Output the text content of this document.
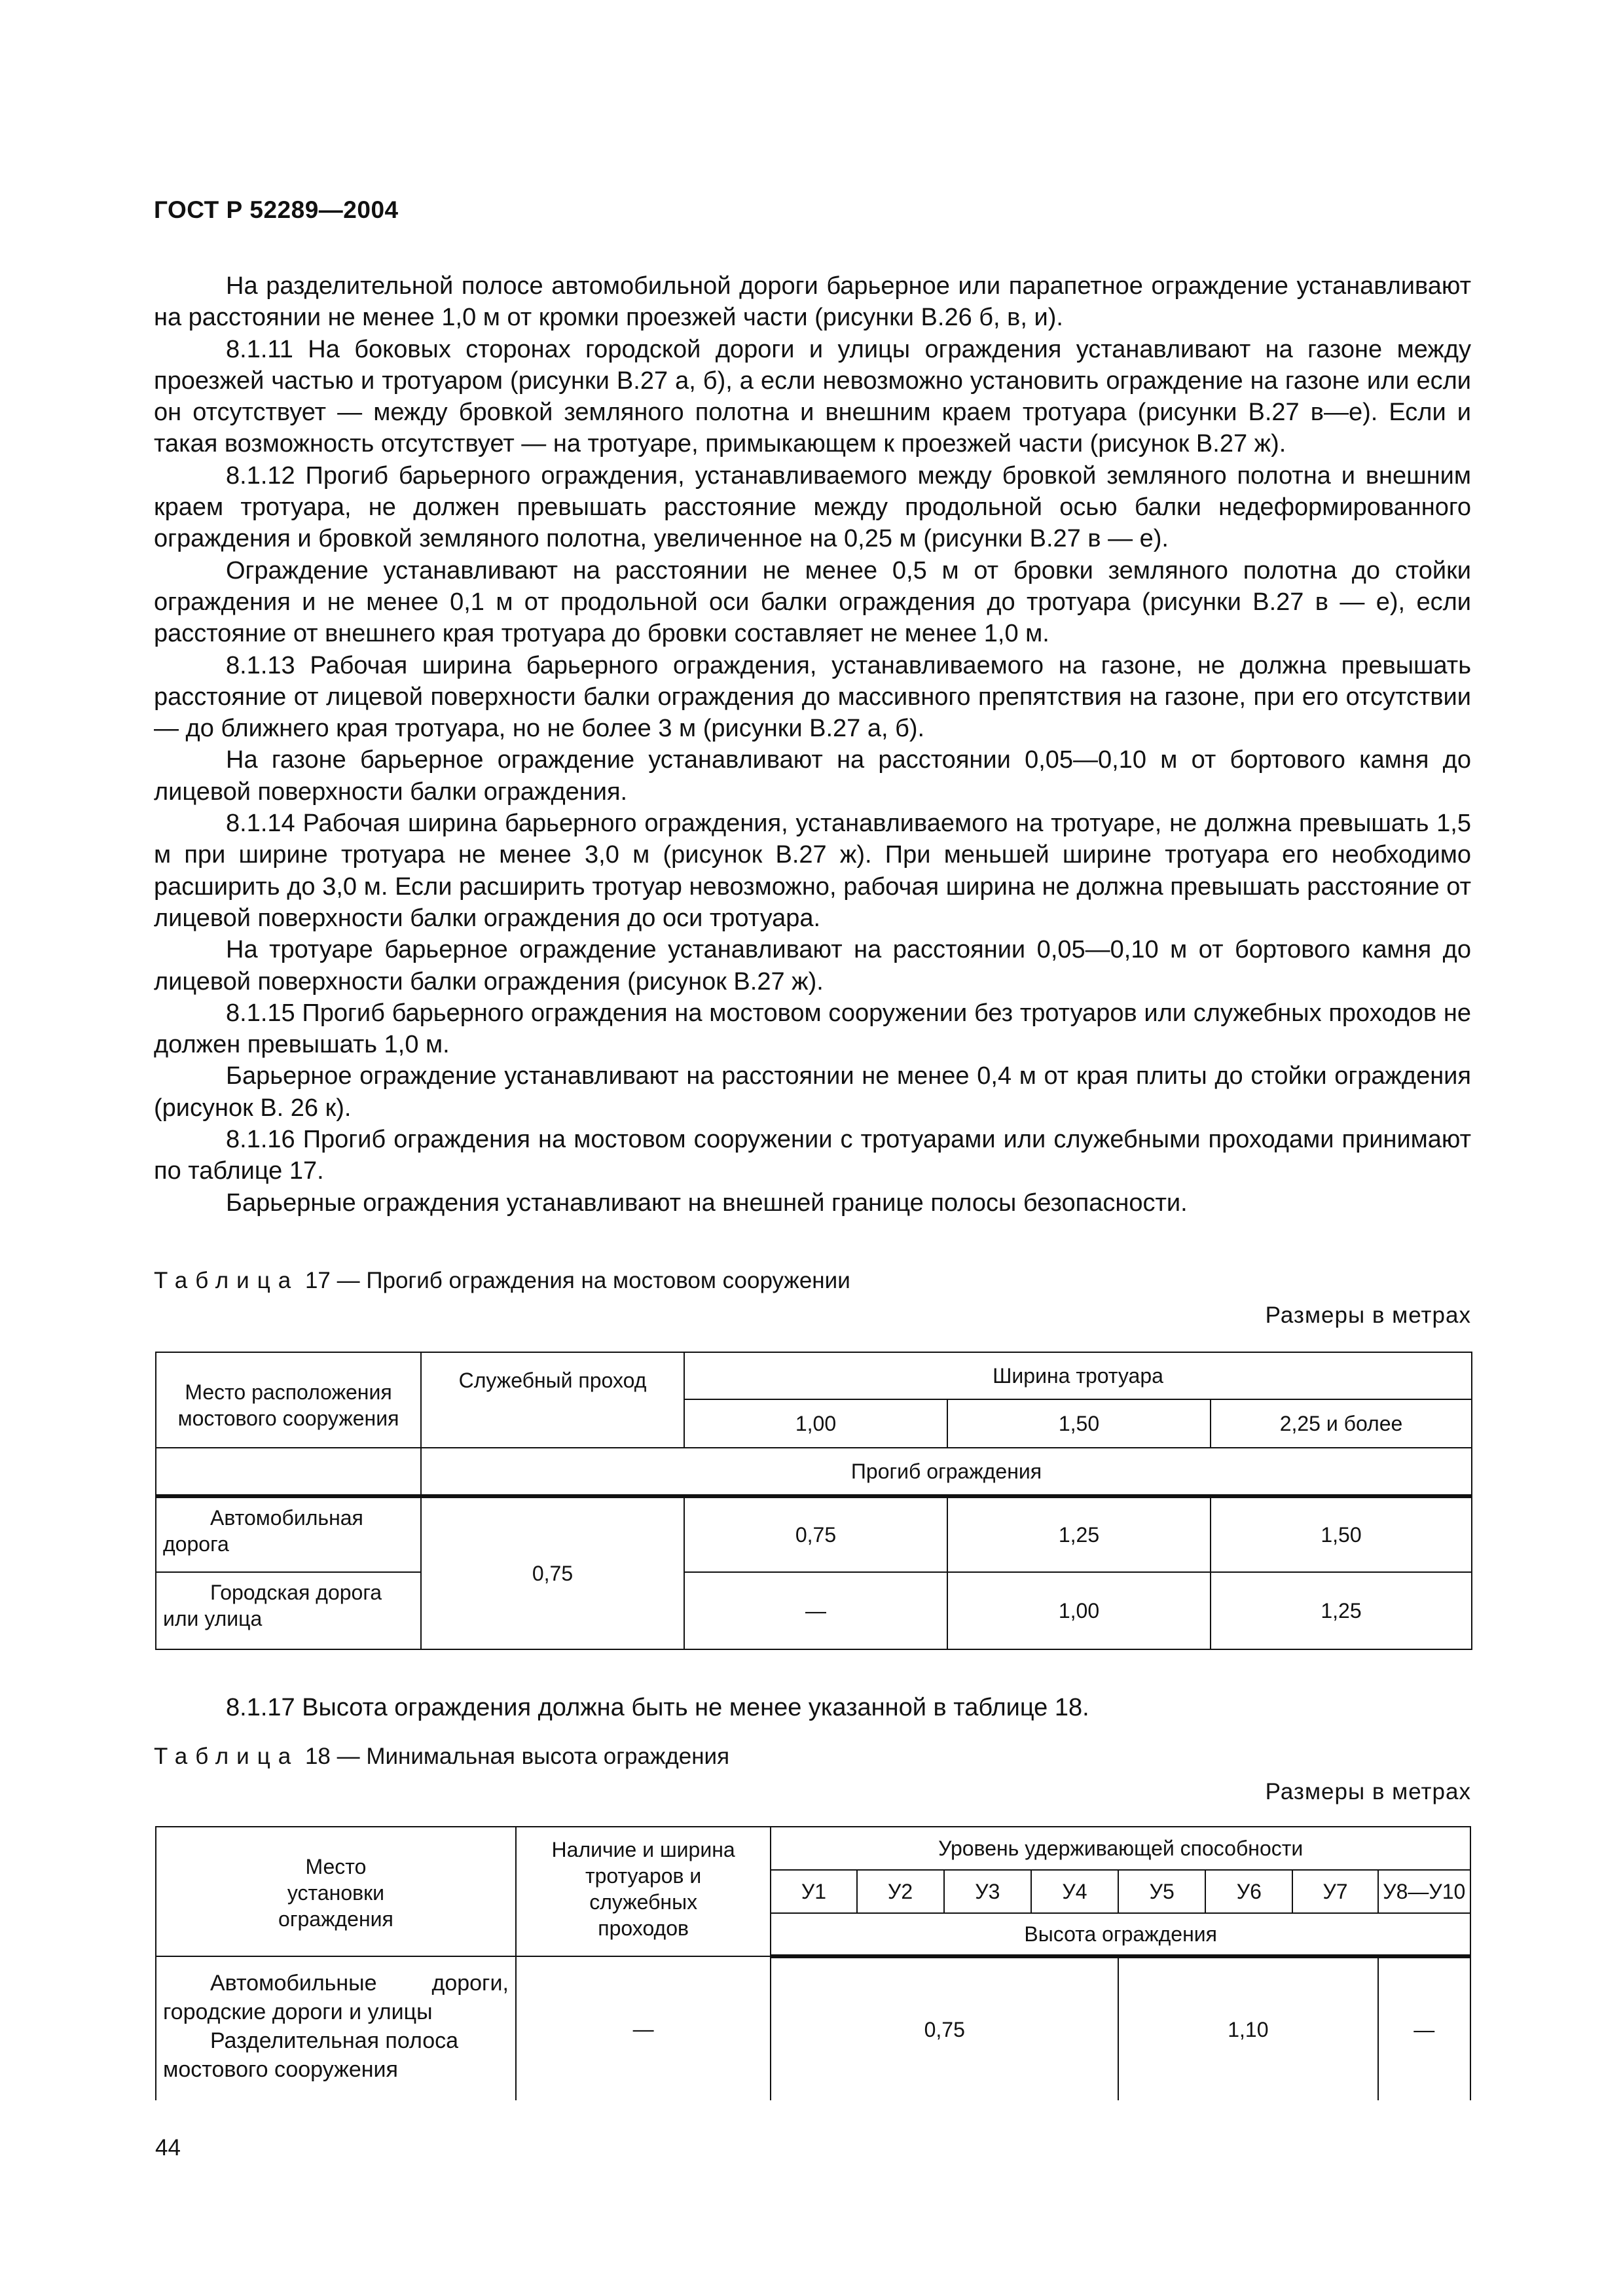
ГОСТ Р 52289—2004

На разделительной полосе автомобильной дороги барьерное или парапетное ограждение устанавливают на расстоянии не менее 1,0 м от кромки проезжей части (рисунки В.26 б, в, и).

8.1.11 На боковых сторонах городской дороги и улицы ограждения устанавливают на газоне между проезжей частью и тротуаром (рисунки В.27 а, б), а если невозможно установить ограждение на газоне или если он отсутствует — между бровкой земляного полотна и внешним краем тротуара (рисунки В.27 в—е). Если и такая возможность отсутствует — на тротуаре, примыкающем к проезжей части (рисунок В.27 ж).

8.1.12 Прогиб барьерного ограждения, устанавливаемого между бровкой земляного полотна и внешним краем тротуара, не должен превышать расстояние между продольной осью балки недеформированного ограждения и бровкой земляного полотна, увеличенное на 0,25 м (рисунки В.27 в — е).

Ограждение устанавливают на расстоянии не менее 0,5 м от бровки земляного полотна до стойки ограждения и не менее 0,1 м от продольной оси балки ограждения до тротуара (рисунки В.27 в — е), если расстояние от внешнего края тротуара до бровки составляет не менее 1,0 м.

8.1.13 Рабочая ширина барьерного ограждения, устанавливаемого на газоне, не должна превышать расстояние от лицевой поверхности балки ограждения до массивного препятствия на газоне, при его отсутствии — до ближнего края тротуара, но не более 3 м (рисунки В.27 а, б).

На газоне барьерное ограждение устанавливают на расстоянии 0,05—0,10 м от бортового камня до лицевой поверхности балки ограждения.

8.1.14 Рабочая ширина барьерного ограждения, устанавливаемого на тротуаре, не должна превышать 1,5 м при ширине тротуара не менее 3,0 м (рисунок В.27 ж). При меньшей ширине тротуара его необходимо расширить до 3,0 м. Если расширить тротуар невозможно, рабочая ширина не должна превышать расстояние от лицевой поверхности балки ограждения до оси тротуара.

На тротуаре барьерное ограждение устанавливают на расстоянии 0,05—0,10 м от бортового камня до лицевой поверхности балки ограждения (рисунок В.27 ж).

8.1.15 Прогиб барьерного ограждения на мостовом сооружении без тротуаров или служебных проходов не должен превышать 1,0 м.

Барьерное ограждение устанавливают на расстоянии не менее 0,4 м от края плиты до стойки ограждения (рисунок В. 26 к).

8.1.16 Прогиб ограждения на мостовом сооружении с тротуарами или служебными проходами принимают по таблице 17.

Барьерные ограждения устанавливают на внешней границе полосы безопасности.

Таблица 17 — Прогиб ограждения на мостовом сооружении
Размеры в метрах
Место расположения мостового сооружения	Служебный проход	Ширина тротуара		
		1,00	1,50	2,25 и более
	Прогиб ограждения			

Автомобильная дорога	0,75	0,75	1,25	1,50

Городская дорога или улица		—	1,00	1,25
8.1.17 Высота ограждения должна быть не менее указанной в таблице 18.
Таблица 18 — Минимальная высота ограждения
Размеры в метрах
Место установки ограждения	Наличие и ширина тротуаров и служебных проходов	Уровень удерживающей способности							
		У1	У2	У3	У4	У5	У6	У7	У8—У10
		Высота ограждения							

Автомобильные дороги, городские дороги и улицы
Разделительная полоса мостового сооружения	—	0,75				1,10			—
44
